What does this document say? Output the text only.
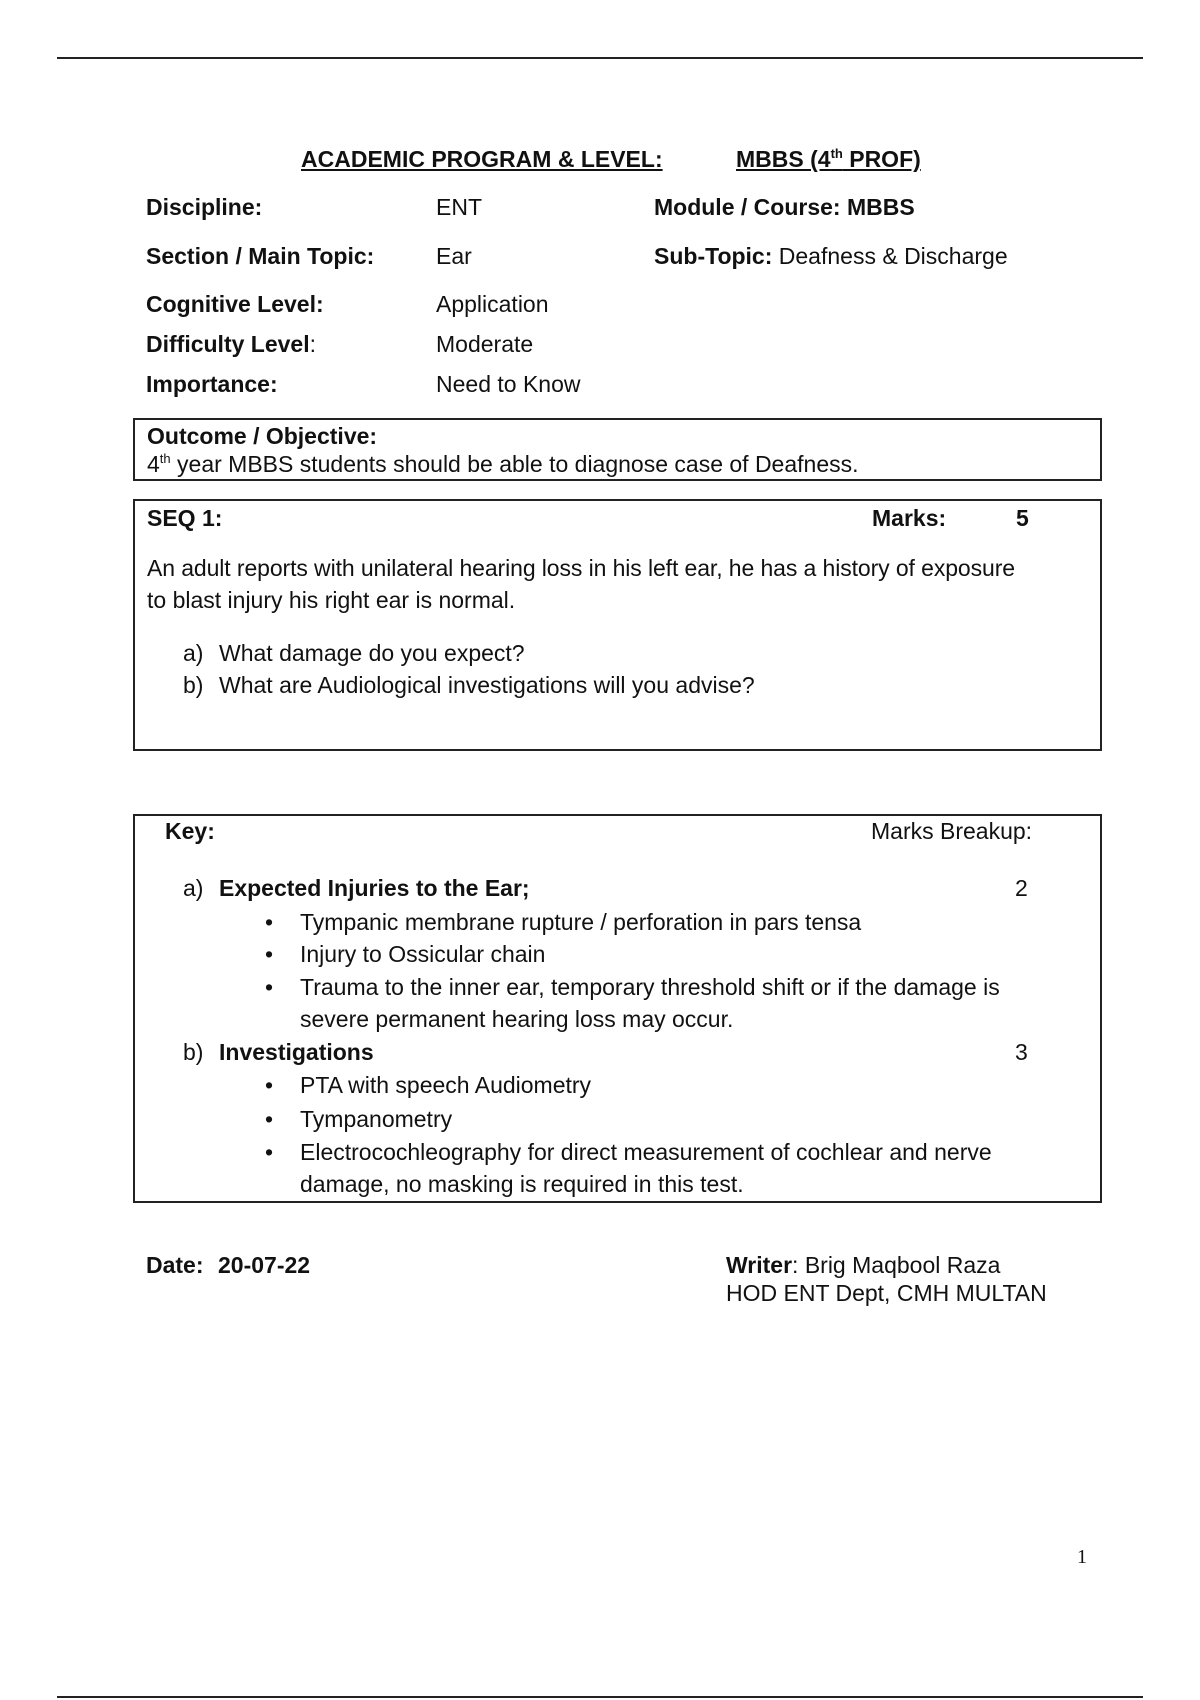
ACADEMIC PROGRAM & LEVEL:	MBBS (4th PROF)
Discipline:	ENT	Module / Course: MBBS
Section / Main Topic:	Ear	Sub-Topic: Deafness & Discharge
Cognitive Level:	Application
Difficulty Level:	Moderate
Importance:	Need to Know
Outcome / Objective:
4th year MBBS students should be able to diagnose case of Deafness.
SEQ 1:	Marks:	5
An adult reports with unilateral hearing loss in his left ear, he has a history of exposure
to blast injury his right ear is normal.
a) What damage do you expect?
b) What are Audiological investigations will you advise?
Key:	Marks Breakup:
a) Expected Injuries to the Ear;	2
• Tympanic membrane rupture / perforation in pars tensa
• Injury to Ossicular chain
• Trauma to the inner ear, temporary threshold shift or if the damage is
severe permanent hearing loss may occur.
b) Investigations	3
• PTA with speech Audiometry
• Tympanometry
• Electrocochleography for direct measurement of cochlear and nerve
damage, no masking is required in this test.
Date: 20-07-22	Writer: Brig Maqbool Raza
HOD ENT Dept, CMH MULTAN
1
